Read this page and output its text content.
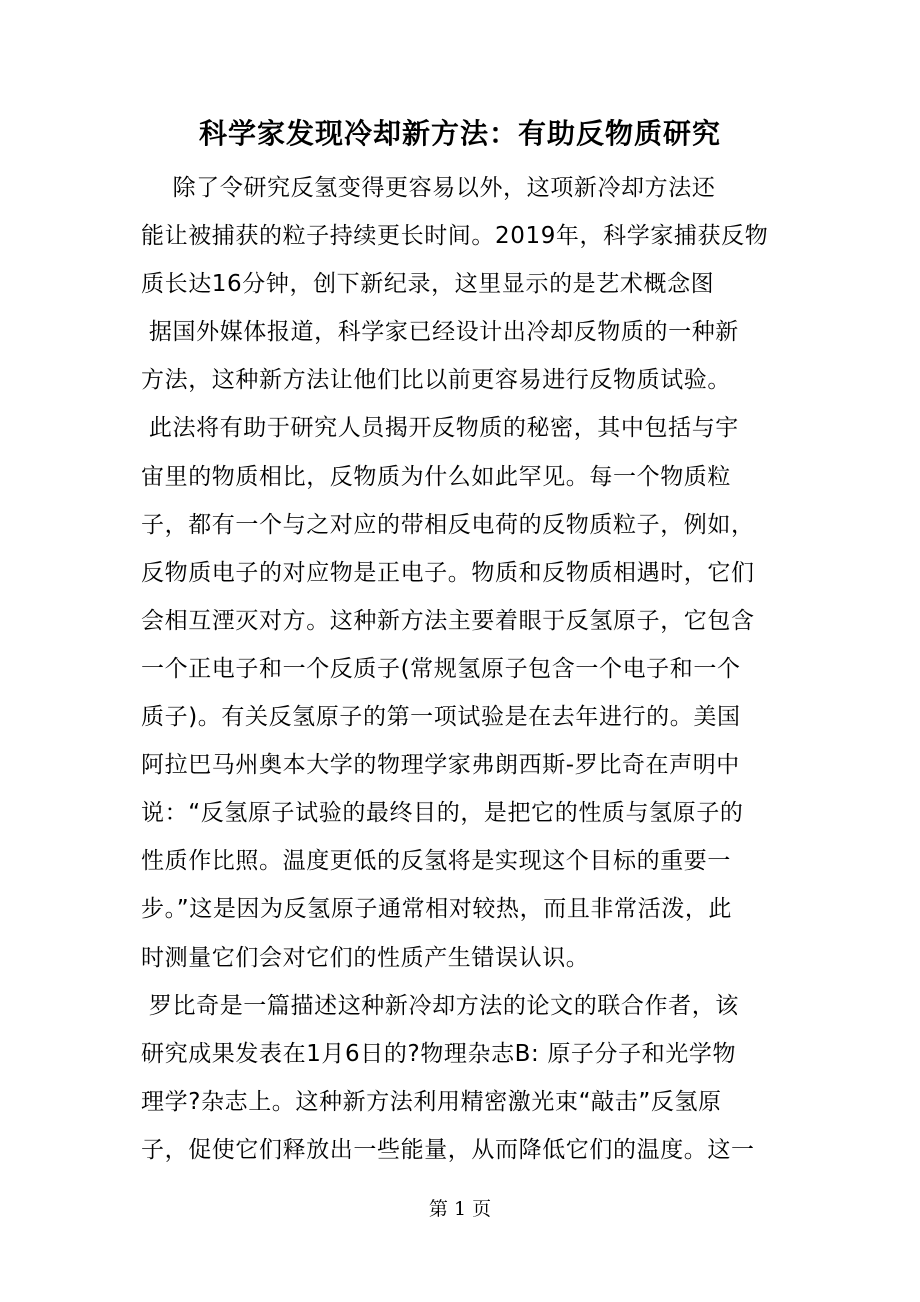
科学家发现冷却新方法：有助反物质研究
除了令研究反氢变得更容易以外，这项新冷却方法还
能让被捕获的粒子持续更长时间。2019年，科学家捕获反物
质长达16分钟，创下新纪录，这里显示的是艺术概念图
据国外媒体报道，科学家已经设计出冷却反物质的一种新
方法，这种新方法让他们比以前更容易进行反物质试验。
此法将有助于研究人员揭开反物质的秘密，其中包括与宇
宙里的物质相比，反物质为什么如此罕见。每一个物质粒
子，都有一个与之对应的带相反电荷的反物质粒子，例如，
反物质电子的对应物是正电子。物质和反物质相遇时，它们
会相互湮灭对方。这种新方法主要着眼于反氢原子，它包含
一个正电子和一个反质子(常规氢原子包含一个电子和一个
质子)。有关反氢原子的第一项试验是在去年进行的。美国
阿拉巴马州奥本大学的物理学家弗朗西斯-罗比奇在声明中
说：“反氢原子试验的最终目的，是把它的性质与氢原子的
性质作比照。温度更低的反氢将是实现这个目标的重要一
步。”这是因为反氢原子通常相对较热，而且非常活泼，此
时测量它们会对它们的性质产生错误认识。
罗比奇是一篇描述这种新冷却方法的论文的联合作者，该
研究成果发表在1月6日的?物理杂志B: 原子分子和光学物
理学?杂志上。这种新方法利用精密激光束“敲击”反氢原
子，促使它们释放出一些能量，从而降低它们的温度。这一
第 1 页
